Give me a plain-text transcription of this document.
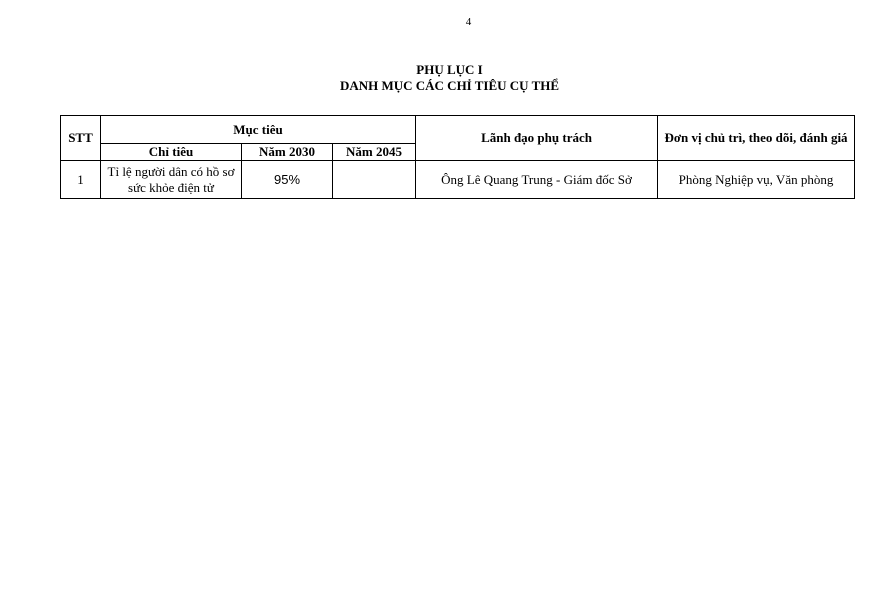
4
PHỤ LỤC I
DANH MỤC CÁC CHỈ TIÊU CỤ THỂ
STT	Mục tiêu			Lãnh đạo phụ trách	Đơn vị chủ trì, theo dõi, đánh giá
	Chỉ tiêu	Năm 2030	Năm 2045		
1	Tỉ lệ người dân có hồ sơ sức khỏe điện tử	95%		Ông Lê Quang Trung - Giám đốc Sở	Phòng Nghiệp vụ, Văn phòng
